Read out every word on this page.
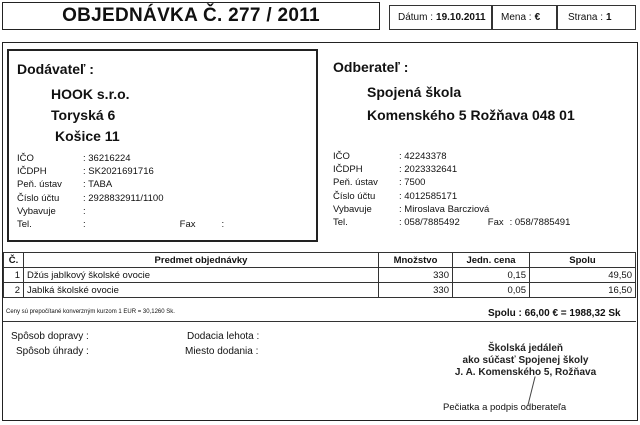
OBJEDNÁVKA Č. 277 / 2011	Dátum : 19.10.2011 Mena : €	Strana : 1
Dodávateľ :
HOOK s.r.o.
Toryská 6
Košice 11
IČO	: 36216224
IČDPH	: SK2021691716
Peň. ústav	: TABA
Číslo účtu	: 2928832911/1100
Vybavuje	:
Tel.	:	Fax	:
Odberateľ :
Spojená škola
Komenského 5 Rožňava 048 01
IČO	: 42243378
IČDPH	: 2023332641
Peň. ústav	: 7500
Číslo účtu	: 4012585171
Vybavuje	: Miroslava Barcziová
Tel.	: 058/7885492	Fax : 058/7885491
Č.	Predmet objednávky	Množstvo	Jedn. cena	Spolu
1	Džús jablkový školské ovocie	330	0,15	49,50
2	Jablká školské ovocie	330	0,05	16,50
Ceny sú prepočítané konverzným kurzom 1 EUR = 30,1260 Sk.	Spolu : 66,00 € = 1988,32 Sk
Spôsob dopravy :
Spôsob úhrady :
Dodacia lehota :
Miesto dodania :	Školská jedáleň
ako súčasť Spojenej školy
J. A. Komenského 5, Rožňava
Pečiatka a podpis odberateľa
